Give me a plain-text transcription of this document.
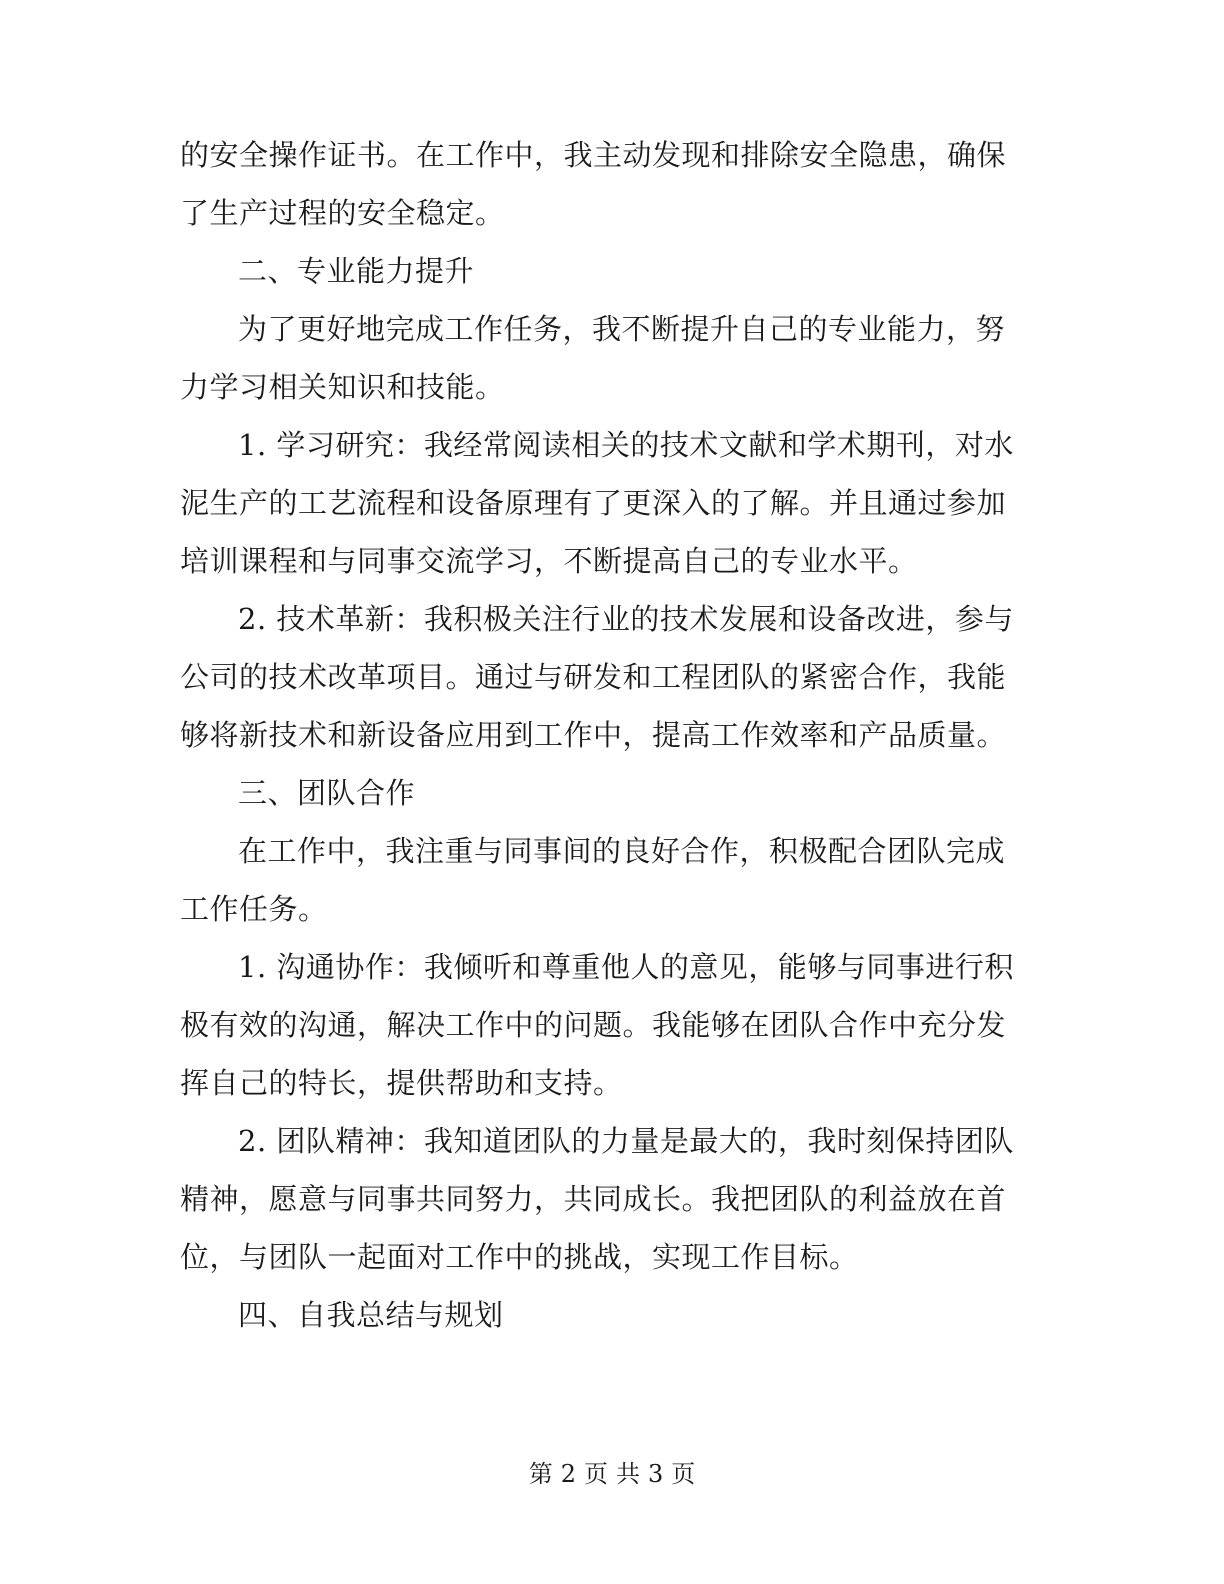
的安全操作证书。在工作中，我主动发现和排除安全隐患，确保
了生产过程的安全稳定。
二、专业能力提升
为了更好地完成工作任务，我不断提升自己的专业能力，努
力学习相关知识和技能。
1. 学习研究：我经常阅读相关的技术文献和学术期刊，对水
泥生产的工艺流程和设备原理有了更深入的了解。并且通过参加
培训课程和与同事交流学习，不断提高自己的专业水平。
2. 技术革新：我积极关注行业的技术发展和设备改进，参与
公司的技术改革项目。通过与研发和工程团队的紧密合作，我能
够将新技术和新设备应用到工作中，提高工作效率和产品质量。
三、团队合作
在工作中，我注重与同事间的良好合作，积极配合团队完成
工作任务。
1. 沟通协作：我倾听和尊重他人的意见，能够与同事进行积
极有效的沟通，解决工作中的问题。我能够在团队合作中充分发
挥自己的特长，提供帮助和支持。
2. 团队精神：我知道团队的力量是最大的，我时刻保持团队
精神，愿意与同事共同努力，共同成长。我把团队的利益放在首
位，与团队一起面对工作中的挑战，实现工作目标。
四、自我总结与规划
第 2 页 共 3 页
